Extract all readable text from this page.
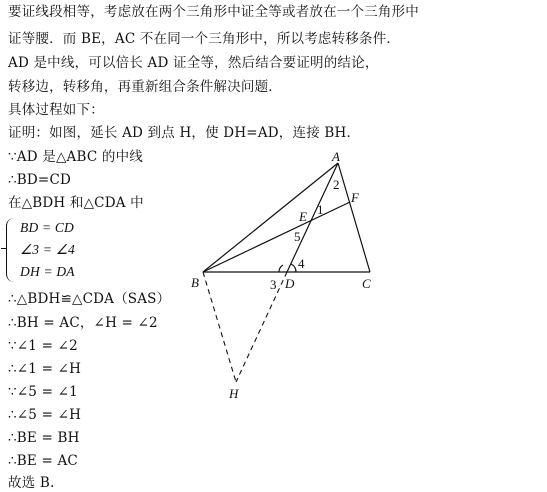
要证线段相等，考虑放在两个三角形中证全等或者放在一个三角形中
证等腰．而 BE，AC 不在同一个三角形中，所以考虑转移条件．
AD 是中线，可以倍长 AD 证全等，然后结合要证明的结论，
转移边，转移角，再重新组合条件解决问题．
具体过程如下：
证明：如图，延长 AD 到点 H，使 DH=AD，连接 BH．
∵AD 是△ABC 的中线
∴BD=CD
在△BDH 和△CDA 中
BD = CD
∠3 = ∠4
DH = DA
∴△BDH≌△CDA（SAS）
∴BH = AC，∠H = ∠2
∵∠1 = ∠2
∴∠1 = ∠H
∵∠5 = ∠1
∴∠5 = ∠H
∴BE = BH
∴BE = AC
故选 B.
A
B	C
D
E
F
H
1
2
3
4
5
